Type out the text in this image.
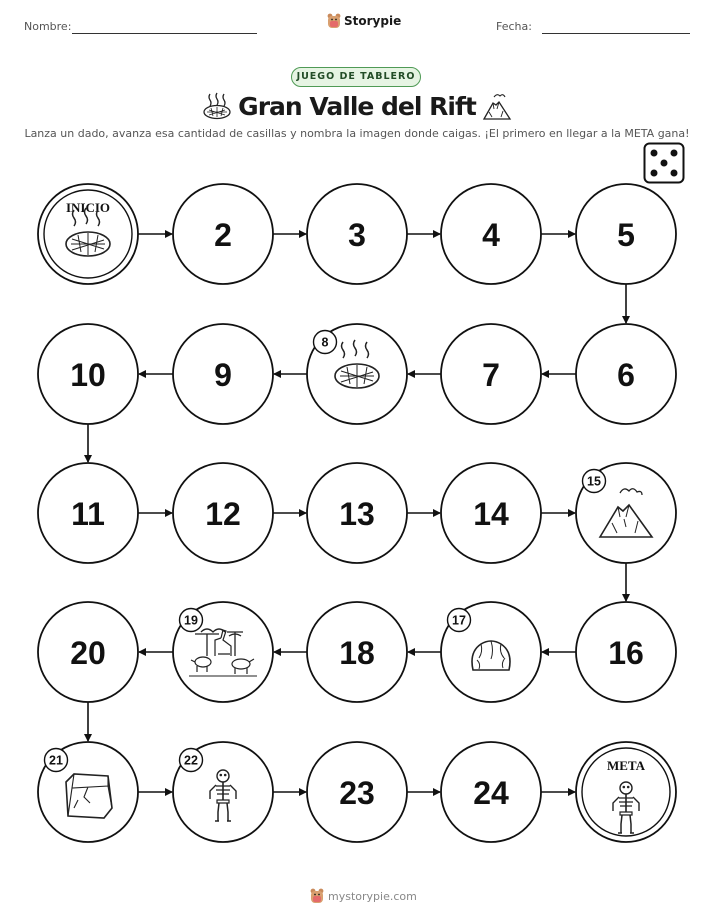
Nombre:	Storypie	Fecha:
JUEGO DE TABLERO
Gran Valle del Rift
Lanza un dado, avanza esa cantidad de casillas y nombra la imagen donde caigas. ¡El primero en llegar a la META gana!
INICIO
2	3	4	5
6
7
8
9
10
11	12	13	14
15
16
17
18
19
20
21	22
23	24
META
mystorypie.com
